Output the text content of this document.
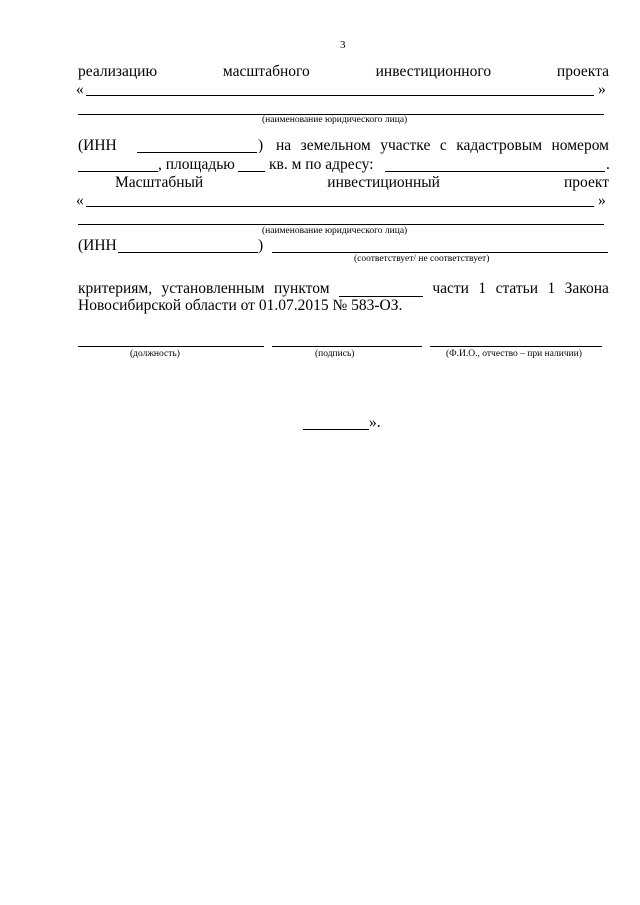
3
реализацию	масштабного	инвестиционного	проекта
«	»
(наименование юридического лица)
(ИНН	) на земельном участке с кадастровым номером
, площадью кв. м по адресу:	.
Масштабный	инвестиционный	проект
«	»
(наименование юридического лица)
(ИНН	)
(соответствует/ не соответствует)
критериям, установленным пунктом	части 1 статьи 1 Закона
Новосибирской области от 01.07.2015 № 583-ОЗ.
(должность)	(подпись)	(Ф.И.О., отчество – при наличии)
».
